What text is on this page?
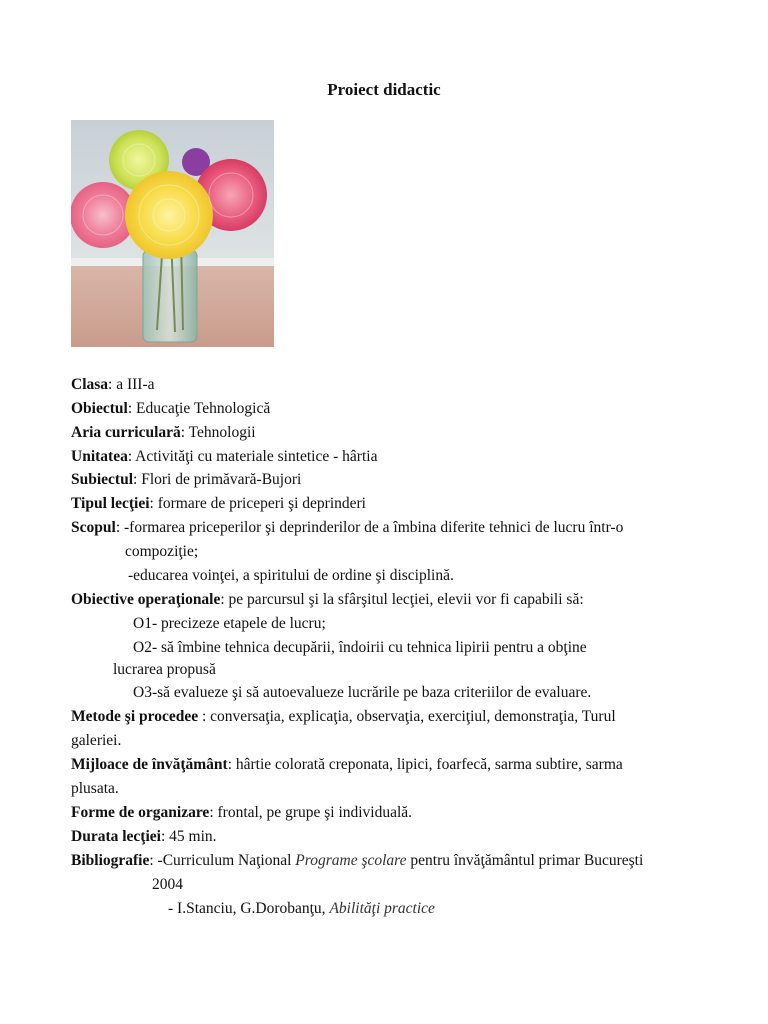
Proiect didactic
Clasa: a III-a
Obiectul: Educaţie Tehnologică
Aria curriculară: Tehnologii
Unitatea: Activităţi cu materiale sintetice - hârtia
Subiectul: Flori de primăvară-Bujori
Tipul lecţiei: formare de priceperi şi deprinderi
Scopul: -formarea priceperilor şi deprinderilor de a îmbina diferite tehnici de lucru într-o
compoziţie;
-educarea voinţei, a spiritului de ordine şi disciplină.
Obiective operaţionale: pe parcursul şi la sfârşitul lecţiei, elevii vor fi capabili să:
O1- precizeze etapele de lucru;
O2- să îmbine tehnica decupării, îndoirii cu tehnica lipirii pentru a obţine
lucrarea propusă
O3-să evalueze şi să autoevalueze lucrările pe baza criteriilor de evaluare.
Metode şi procedee : conversaţia, explicaţia, observaţia, exerciţiul, demonstraţia, Turul
galeriei.
Mijloace de învăţământ: hârtie colorată creponata, lipici, foarfecă, sarma subtire, sarma
plusata.
Forme de organizare: frontal, pe grupe şi individuală.
Durata lecţiei: 45 min.
Bibliografie: -Curriculum Naţional Programe şcolare pentru învăţământul primar Bucureşti
2004
- I.Stanciu, G.Dorobanţu, Abilităţi practice
